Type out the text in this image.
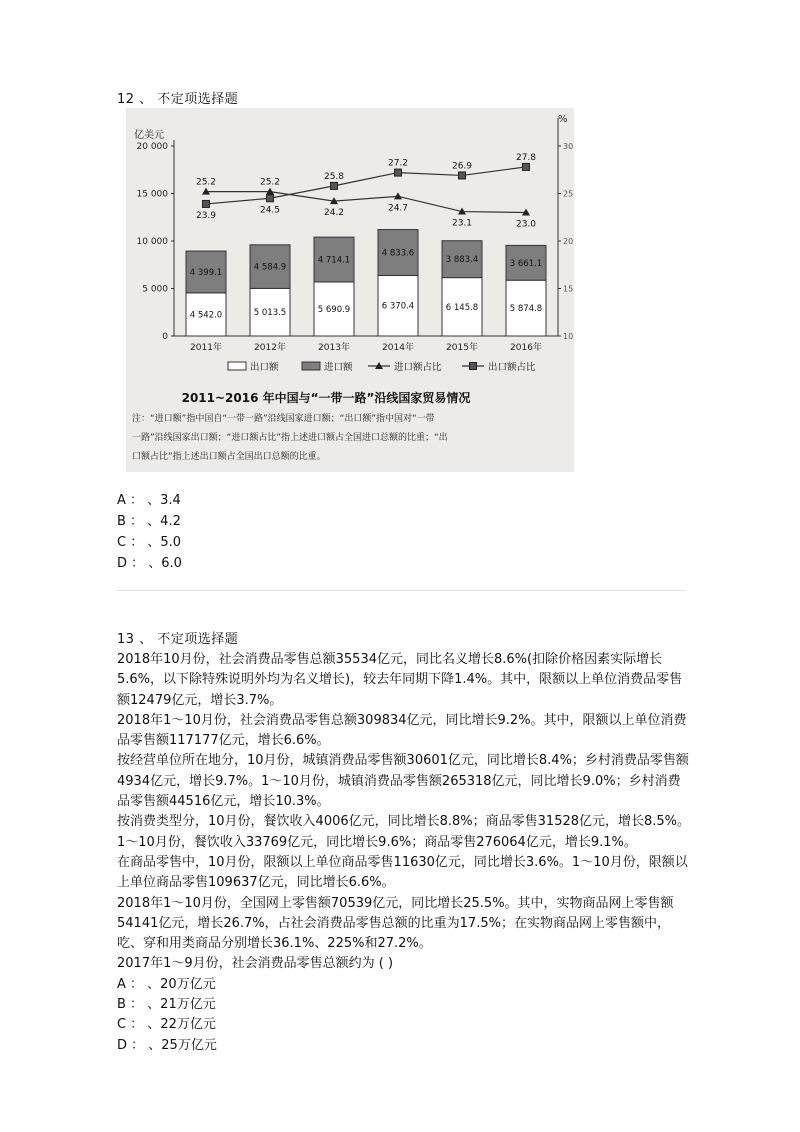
12 、 不定项选择题
亿美元
%
20 000
15 000
10 000
5 000
0
30
25
20
15
10
2011年	2012年	2013年	2014年	2015年	2016年
4 542.0
4 399.1
5 013.5
4 584.9
5 690.9
4 714.1
6 370.4
4 833.6
6 145.8
3 883.4
5 874.8
3 661.1
25.2
23.9
25.2
24.5	24.2
25.8
24.7
27.2
23.1
26.9
23.0
27.8
出口额	进口额	进口额占比	出口额占比
2011~2016 年中国与“一带一路”沿线国家贸易情况
注：“进口额”指中国自“一带一路”沿线国家进口额；“出口额”指中国对“一带
一路”沿线国家出口额；“进口额占比”指上述进口额占全国进口总额的比重；“出
口额占比”指上述出口额占全国出口总额的比重。
A ： 、3.4
B ： 、4.2
C ： 、5.0
D ： 、6.0
13 、 不定项选择题

2018年10月份，社会消费品零售总额35534亿元，同比名义增长8.6%(扣除价格因素实际增长5.6%，以下除特殊说明外均为名义增长)，较去年同期下降1.4%。其中，限额以上单位消费品零售额12479亿元，增长3.7%。

2018年1～10月份，社会消费品零售总额309834亿元，同比增长9.2%。其中，限额以上单位消费品零售额117177亿元，增长6.6%。

按经营单位所在地分，10月份，城镇消费品零售额30601亿元，同比增长8.4%；乡村消费品零售额4934亿元，增长9.7%。1～10月份，城镇消费品零售额265318亿元，同比增长9.0%；乡村消费品零售额44516亿元，增长10.3%。

按消费类型分，10月份，餐饮收入4006亿元，同比增长8.8%；商品零售31528亿元，增长8.5%。1～10月份，餐饮收入33769亿元，同比增长9.6%；商品零售276064亿元，增长9.1%。

在商品零售中，10月份，限额以上单位商品零售11630亿元，同比增长3.6%。1～10月份，限额以上单位商品零售109637亿元，同比增长6.6%。

2018年1～10月份，全国网上零售额70539亿元，同比增长25.5%。其中，实物商品网上零售额54141亿元，增长26.7%，占社会消费品零售总额的比重为17.5%；在实物商品网上零售额中，吃、穿和用类商品分别增长36.1%、225%和27.2%。

2017年1～9月份，社会消费品零售总额约为 ( )

A ： 、20万亿元
B ： 、21万亿元
C ： 、22万亿元
D ： 、25万亿元
